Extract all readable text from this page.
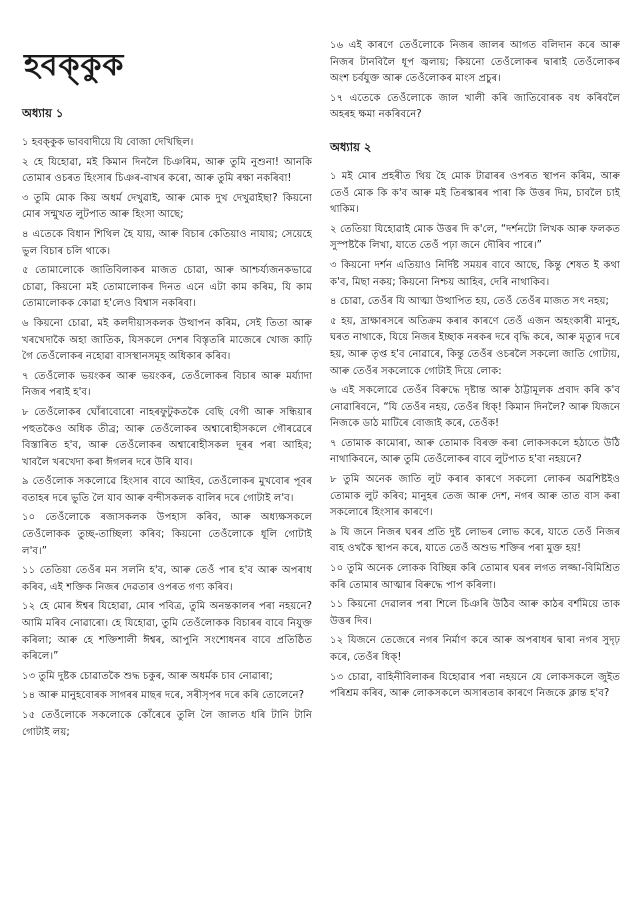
হবক্‌কুক
অধ্যায় ১

১ হবক্‌কুক ভাববাদীয়ে যি বোজা দেখিছিল।

২ হে যিহোৱা, মই কিমান দিনলৈ চিঞৰিম, আৰু তুমি নুশুনা! আনকি তোমাৰ ওচৰত হিংসাৰ চিঞৰ-বাখৰ কৰো, আৰু তুমি ৰক্ষা নকৰিবা!

৩ তুমি মোক কিয় অধৰ্ম দেখুৱাই, আৰু মোক দুখ দেখুৱাইছা? কিয়নো মোৰ সন্মুখত লুটপাত আৰু হিংসা আছে;

৪ এতেকে বিধান শিথিল হৈ যায়, আৰু বিচাৰ কেতিয়াও নাযায়; সেয়েহে ভুল বিচাৰ চলি থাকে।

৫ তোমালোকে জাতিবিলাকৰ মাজত চোৱা, আৰু আশ্চৰ্য্যজনকভাৱে চোৱা, কিয়নো মই তোমালোকৰ দিনত এনে এটা কাম কৰিম, যি কাম তোমালোকক কোৱা হ'লেও বিশ্বাস নকৰিবা।

৬ কিয়নো চোৱা, মই কলদীয়াসকলক উত্থাপন কৰিম, সেই তিতা আৰু খৰখেদাকৈ অহা জাতিক, যিসকলে দেশৰ বিস্তৃতৰি মাজেৰে খোজ কাঢ়ি গৈ তেওঁলোকৰ নহোৱা বাসস্থানসমূহ অধিকাৰ কৰিব।

৭ তেওঁলোক ভয়ংকৰ আৰু ভয়ংকৰ, তেওঁলোকৰ বিচাৰ আৰু মৰ্য্যাদা নিজৰ পৰাই হ'ব।

৮ তেওঁলোকৰ ঘোঁৰাবোৰো নাহৰফুটুকতকৈ বেছি বেগী আৰু সন্ধিয়াৰ পহুতকৈও অধিক তীব্ৰ; আৰু তেওঁলোকৰ অশ্বাৰোহীসকলে গৌৰৱেৰে বিস্তাৰিত হ'ব, আৰু তেওঁলোকৰ অশ্বাৰোহীসকল দূৰৰ পৰা আহিব; খাবলৈ খৰখেদা কৰা ঈগলৰ দৰে উৰি যাব।

৯ তেওঁলোক সকলোৱে হিংসাৰ বাবে আহিব, তেওঁলোকৰ মুখবোৰ পূবৰ বতাহৰ দৰে ভুতি লৈ যাব আৰু বন্দীসকলক বালিৰ দৰে গোটাই ল'ব।

১০ তেওঁলোকে ৰজাসকলক উপহাস কৰিব, আৰু অধ্যক্ষসকলে তেওঁলোকক তুচ্ছ-তাচ্ছিল্য কৰিব; কিয়নো তেওঁলোকে ধূলি গোটাই ল'ব।”

১১ তেতিয়া তেওঁৰ মন সলনি হ'ব, আৰু তেওঁ পাৰ হ'ব আৰু অপৰাধ কৰিব, এই শক্তিক নিজৰ দেৱতাৰ ওপৰত গণ্য কৰিব।

১২ হে মোৰ ঈশ্বৰ যিহোৱা, মোৰ পবিত্ৰ, তুমি অনন্তকালৰ পৰা নহয়নে? আমি মৰিব নোৱাৰো। হে যিহোৱা, তুমি তেওঁলোকক বিচাৰৰ বাবে নিযুক্ত কৰিলা; আৰু হে শক্তিশালী ঈশ্বৰ, আপুনি সংশোধনৰ বাবে প্ৰতিষ্ঠিত কৰিলে।”

১৩ তুমি দুষ্টক চোৱাতকৈ শুদ্ধ চকুৰ, আৰু অধৰ্মক চাব নোৱাৰা;

১৪ আৰু মানুহবোৰক সাগৰৰ মাছৰ দৰে, সৰীসৃপৰ দৰে কৰি তোলেনে?

১৫ তেওঁলোকে সকলোকে কোঁৰেৰে তুলি লৈ জালত ধৰি টানি টানি গোটাই লয়;

১৬ এই কাৰণে তেওঁলোকে নিজৰ জালৰ আগত বলিদান কৰে আৰু নিজৰ টানবিলৈ ধূপ জ্বলায়; কিয়নো তেওঁলোকৰ দ্বাৰাই তেওঁলোকৰ অংশ চৰ্বযুক্ত আৰু তেওঁলোকৰ মাংস প্ৰচুৰ।

১৭ এতেকে তেওঁলোকে জাল খালী কৰি জাতিবোৰক বধ কৰিবলৈ অহৰহ ক্ষমা নকৰিবনে?

অধ্যায় ২

১ মই মোৰ প্ৰহৰীত থিয় হৈ মোক টাৱাৰৰ ওপৰত স্থাপন কৰিম, আৰু তেওঁ মোক কি ক'ব আৰু মই তিৰস্কাৰৰ পাৰা কি উত্তৰ দিম, চাবলৈ চাই থাকিম।

২ তেতিয়া যিহোৱাই মোক উত্তৰ দি ক'লে, “দৰ্শনটো লিখক আৰু ফলকত সুস্পষ্টকৈ লিখা, যাতে তেওঁ পঢ়া জনে দৌৰিব পাৰে।”

৩ কিয়নো দৰ্শন এতিয়াও নিৰ্দিষ্ট সময়ৰ বাবে আছে, কিন্তু শেষত ই কথা ক'ব, মিছা নকয়; কিয়নো নিশ্চয় আহিব, দেৰি নাথাকিব।

৪ চোৱা, তেওঁৰ যি আত্মা উত্থাপিত হয়, তেওঁ তেওঁৰ মাজত সৎ নহয়;

৫ হয়, দ্ৰাক্ষাৰসৰে অতিক্ৰম কৰাৰ কাৰণে তেওঁ এজন অহংকাৰী মানুহ, ঘৰত নাথাকে, যিয়ে নিজৰ ইচ্ছাক নৰকৰ দৰে বৃদ্ধি কৰে, আৰু মৃত্যুৰ দৰে হয়, আৰু তৃপ্ত হ'ব নোৱাৰে, কিন্তু তেওঁৰ ওচৰলৈ সকলো জাতি গোটায়, আৰু তেওঁৰ সকলোকে গোটাই দিয়ে লোক:

৬ এই সকলোৱে তেওঁৰ বিৰুদ্ধে দৃষ্টান্ত আৰু ঠাট্টামূলক প্ৰবাদ কৰি ক'ব নোৱাৰিবনে, “যি তেওঁৰ নহয়, তেওঁৰ ধিক্! কিমান দিনলৈ? আৰু যিজনে নিজকে ডাঠ মাটিৰে বোজাই কৰে, তেওঁক!

৭ তোমাক কামোৰা, আৰু তোমাক বিৰক্ত কৰা লোকসকলে হঠাতে উঠি নাথাকিবনে, আৰু তুমি তেওঁলোকৰ বাবে লুটপাত হ'বা নহয়নে?

৮ তুমি অনেক জাতি লুট কৰাৰ কাৰণে সকলো লোকৰ অৱশিষ্টইও তোমাক লুট কৰিব; মানুহৰ তেজ আৰু দেশ, নগৰ আৰু তাত বাস কৰা সকলোৰে হিংসাৰ কাৰণে।

৯ যি জনে নিজৰ ঘৰৰ প্ৰতি দুষ্ট লোভৰ লোভ কৰে, যাতে তেওঁ নিজৰ বাহ ওখকৈ স্থাপন কৰে, যাতে তেওঁ অশুভ শক্তিৰ পৰা মুক্ত হয়!

১০ তুমি অনেক লোকক বিচ্ছিন্ন কৰি তোমাৰ ঘৰৰ লগত লজ্জা-বিমিশ্ৰিত কৰি তোমাৰ আত্মাৰ বিৰুদ্ধে পাপ কৰিলা।

১১ কিয়নো দেৱালৰ পৰা শিলে চিঞৰি উঠিব আৰু কাঠৰ বৰ্শমিয়ে তাক উত্তৰ দিব।

১২ যিজনে তেজেৰে নগৰ নিৰ্মাণ কৰে আৰু অপৰাধৰ দ্বাৰা নগৰ সুদৃঢ় কৰে, তেওঁৰ ধিক্!

১৩ চোৱা, বাহিনীবিলাকৰ যিহোৱাৰ পৰা নহয়নে যে লোকসকলে জুইত পৰিশ্ৰম কৰিব, আৰু লোকসকলে অসাৰতাৰ কাৰণে নিজকে ক্লান্ত হ'ব?
